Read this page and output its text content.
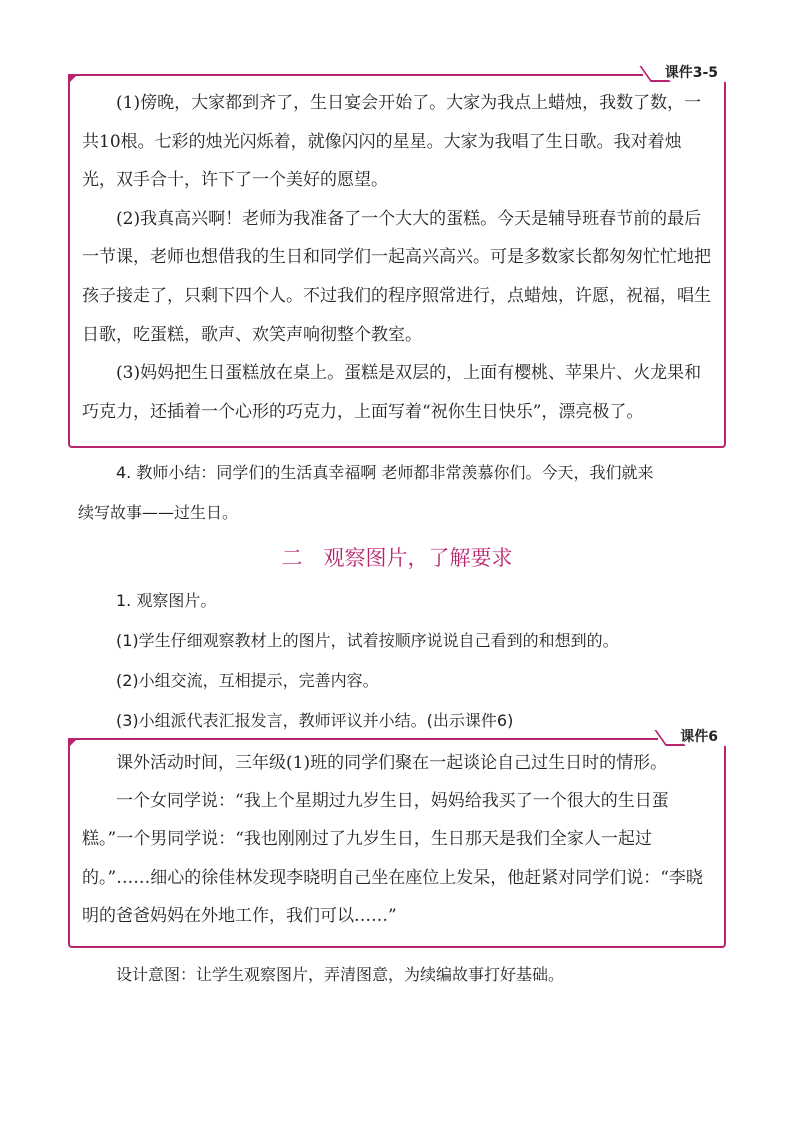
课件3-5

(1)傍晚，大家都到齐了，生日宴会开始了。大家为我点上蜡烛，我数了数，一共10根。七彩的烛光闪烁着，就像闪闪的星星。大家为我唱了生日歌。我对着烛光，双手合十，许下了一个美好的愿望。

(2)我真高兴啊！老师为我准备了一个大大的蛋糕。今天是辅导班春节前的最后一节课，老师也想借我的生日和同学们一起高兴高兴。可是多数家长都匆匆忙忙地把孩子接走了，只剩下四个人。不过我们的程序照常进行，点蜡烛，许愿，祝福，唱生日歌，吃蛋糕，歌声、欢笑声响彻整个教室。

(3)妈妈把生日蛋糕放在桌上。蛋糕是双层的，上面有樱桃、苹果片、火龙果和巧克力，还插着一个心形的巧克力，上面写着“祝你生日快乐”，漂亮极了。

4. 教师小结：同学们的生活真幸福啊 老师都非常羡慕你们。今天，我们就来
续写故事——过生日。
二　观察图片，了解要求
1. 观察图片。
(1)学生仔细观察教材上的图片，试着按顺序说说自己看到的和想到的。
(2)小组交流，互相提示，完善内容。
(3)小组派代表汇报发言，教师评议并小结。(出示课件6)
课件6

课外活动时间，三年级(1)班的同学们聚在一起谈论自己过生日时的情形。

一个女同学说：“我上个星期过九岁生日，妈妈给我买了一个很大的生日蛋糕。”一个男同学说：“我也刚刚过了九岁生日，生日那天是我们全家人一起过的。”……细心的徐佳林发现李晓明自己坐在座位上发呆，他赶紧对同学们说：“李晓明的爸爸妈妈在外地工作，我们可以……”

设计意图：让学生观察图片，弄清图意，为续编故事打好基础。
